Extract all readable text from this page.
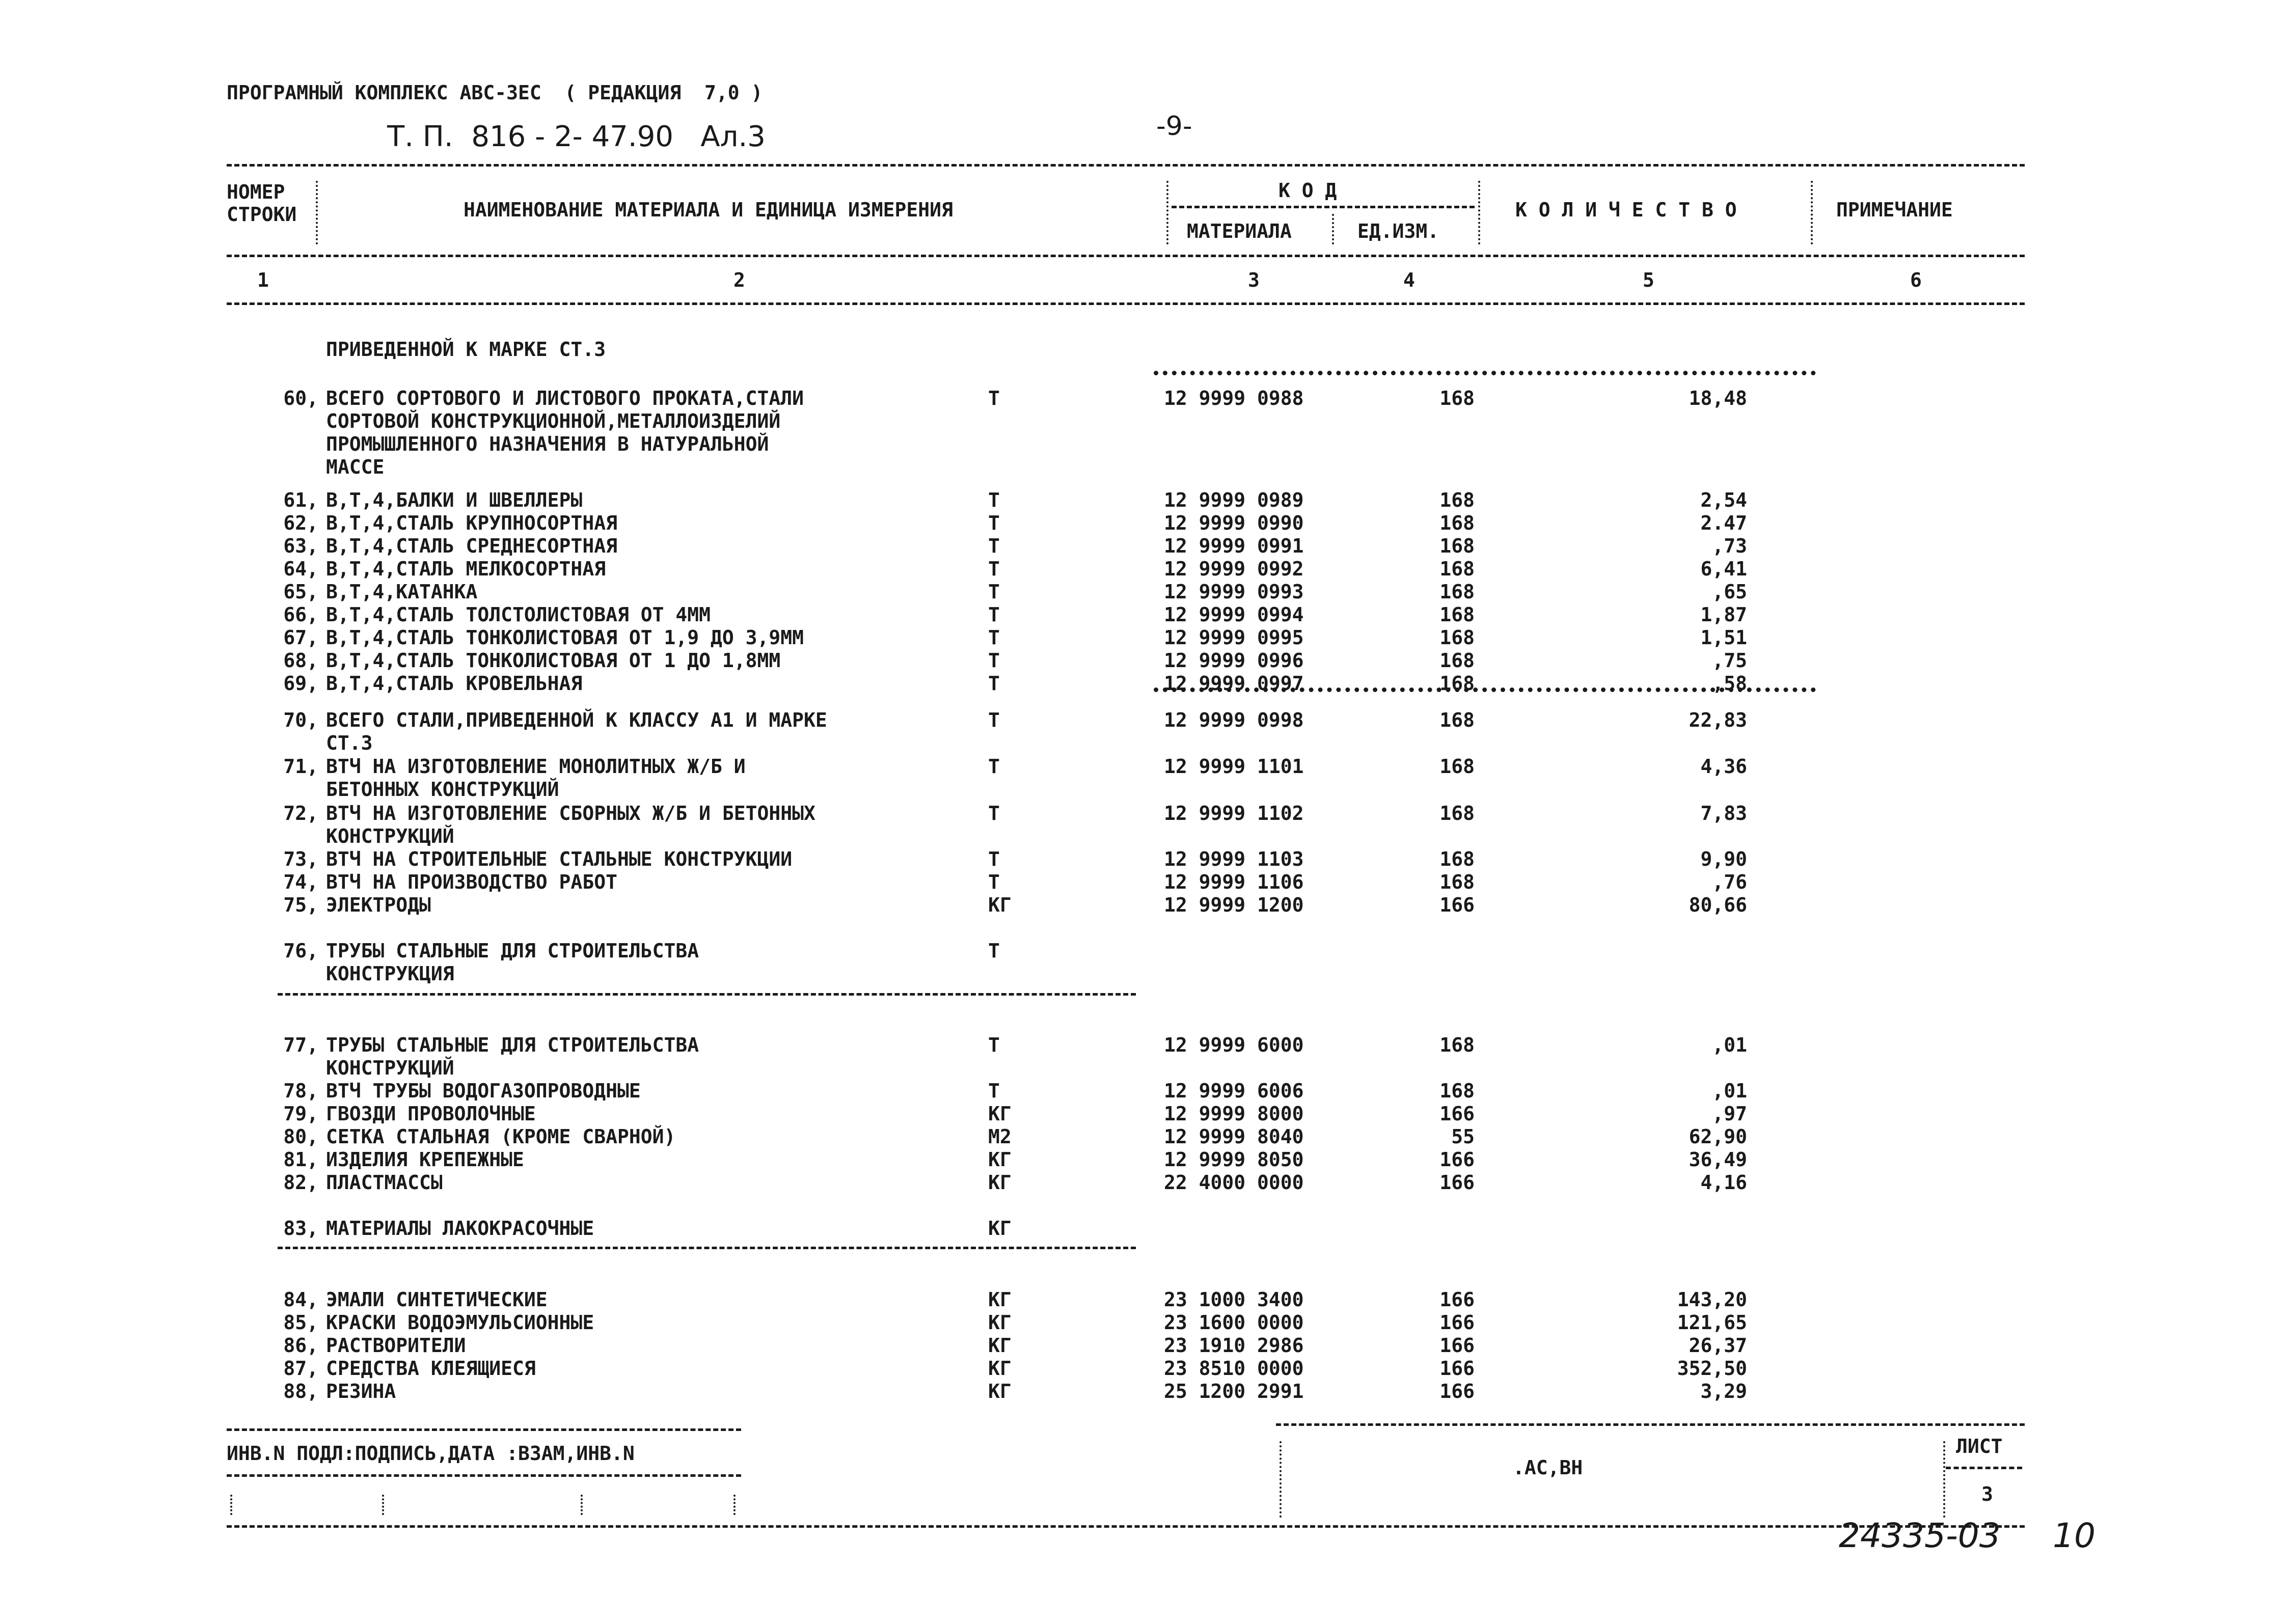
ПРОГРАМНЫЙ КОМПЛЕКС АВС-3ЕС  ( РЕДАКЦИЯ  7,0 )
Т. П.  816 - 2- 47.90   Ал.3	-9-
НОМЕР
СТРОКИ	НАИМЕНОВАНИЕ МАТЕРИАЛА И ЕДИНИЦА ИЗМЕРЕНИЯ
К О Д
МАТЕРИАЛА	ЕД.ИЗМ.
К О Л И Ч Е С Т В О	ПРИМЕЧАНИЕ
1	2	3	4	5	6
ПРИВЕДЕННОЙ К МАРКЕ СТ.3
60, ВСЕГО СОРТОВОГО И ЛИСТОВОГО ПРОКАТА,СТАЛИ
СОРТОВОЙ КОНСТРУКЦИОННОЙ,МЕТАЛЛОИЗДЕЛИЙ
ПРОМЫШЛЕННОГО НАЗНАЧЕНИЯ В НАТУРАЛЬНОЙ
МАССЕ
Т	12 9999 0988	168	18,48
61, В,Т,4,БАЛКИ И ШВЕЛЛЕРЫ	Т	12 9999 0989	168	2,54
62, В,Т,4,СТАЛЬ КРУПНОСОРТНАЯ	Т	12 9999 0990	168	2.47
63, В,Т,4,СТАЛЬ СРЕДНЕСОРТНАЯ	Т	12 9999 0991	168	,73
64, В,Т,4,СТАЛЬ МЕЛКОСОРТНАЯ	Т	12 9999 0992	168	6,41
65, В,Т,4,КАТАНКА	Т	12 9999 0993	168	,65
66, В,Т,4,СТАЛЬ ТОЛСТОЛИСТОВАЯ ОТ 4ММ	Т	12 9999 0994	168	1,87
67, В,Т,4,СТАЛЬ ТОНКОЛИСТОВАЯ ОТ 1,9 ДО 3,9ММ	Т	12 9999 0995	168	1,51
68, В,Т,4,СТАЛЬ ТОНКОЛИСТОВАЯ ОТ 1 ДО 1,8ММ	Т	12 9999 0996	168	,75
69, В,Т,4,СТАЛЬ КРОВЕЛЬНАЯ	Т	12 9999 0997	168	,58
70, ВСЕГО СТАЛИ,ПРИВЕДЕННОЙ К КЛАССУ А1 И МАРКЕ
СТ.3
Т	12 9999 0998	168	22,83
71, ВТЧ НА ИЗГОТОВЛЕНИЕ МОНОЛИТНЫХ Ж/Б И
БЕТОННЫХ КОНСТРУКЦИЙ
Т	12 9999 1101	168	4,36
72, ВТЧ НА ИЗГОТОВЛЕНИЕ СБОРНЫХ Ж/Б И БЕТОННЫХ
КОНСТРУКЦИЙ
Т	12 9999 1102	168	7,83
73, ВТЧ НА СТРОИТЕЛЬНЫЕ СТАЛЬНЫЕ КОНСТРУКЦИИ	Т	12 9999 1103	168	9,90
74, ВТЧ НА ПРОИЗВОДСТВО РАБОТ	Т	12 9999 1106	168	,76
75, ЭЛЕКТРОДЫ	КГ	12 9999 1200	166	80,66
76, ТРУБЫ СТАЛЬНЫЕ ДЛЯ СТРОИТЕЛЬСТВА
КОНСТРУКЦИЯ
Т
77, ТРУБЫ СТАЛЬНЫЕ ДЛЯ СТРОИТЕЛЬСТВА
КОНСТРУКЦИЙ
Т	12 9999 6000	168	,01
78, ВТЧ ТРУБЫ ВОДОГАЗОПРОВОДНЫЕ	Т	12 9999 6006	168	,01
79, ГВОЗДИ ПРОВОЛОЧНЫЕ	КГ	12 9999 8000	166	,97
80, СЕТКА СТАЛЬНАЯ (КРОМЕ СВАРНОЙ)	М2	12 9999 8040	55	62,90
81, ИЗДЕЛИЯ КРЕПЕЖНЫЕ	КГ	12 9999 8050	166	36,49
82, ПЛАСТМАССЫ	КГ	22 4000 0000	166	4,16
83, МАТЕРИАЛЫ ЛАКОКРАСОЧНЫЕ	КГ
84, ЭМАЛИ СИНТЕТИЧЕСКИЕ	КГ	23 1000 3400	166	143,20
85, КРАСКИ ВОДОЭМУЛЬСИОННЫЕ	КГ	23 1600 0000	166	121,65
86, РАСТВОРИТЕЛИ	КГ	23 1910 2986	166	26,37
87, СРЕДСТВА КЛЕЯЩИЕСЯ	КГ	23 8510 0000	166	352,50
88, РЕЗИНА	КГ	25 1200 2991	166	3,29
ИНВ.N ПОДЛ:ПОДПИСЬ,ДАТА :ВЗАМ,ИНВ.N
.АС,ВН
ЛИСТ
3
24335-03 10
